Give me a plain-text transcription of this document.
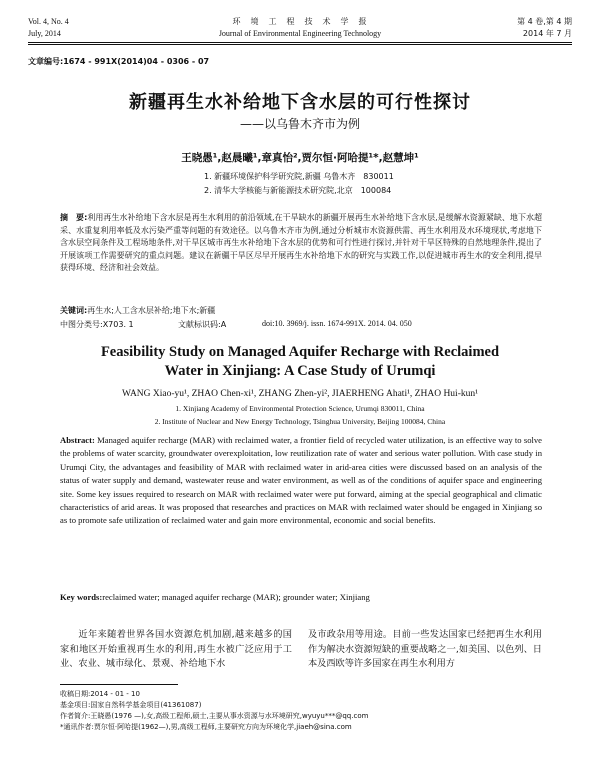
Vol. 4, No. 4
July, 2014
环　境　工　程　技　术　学　报
Journal of Environmental Engineering Technology
第 4 卷,第 4 期
2014 年 7 月
文章编号:1674 - 991X(2014)04 - 0306 - 07
新疆再生水补给地下含水层的可行性探讨
——以乌鲁木齐市为例
王晓愚¹,赵晨曦¹,章真怡²,贾尔恒·阿哈提¹*,赵慧坤¹
1. 新疆环境保护科学研究院,新疆 乌鲁木齐　830011
2. 清华大学核能与新能源技术研究院,北京　100084
摘　要:利用再生水补给地下含水层是再生水利用的前沿领域,在干旱缺水的新疆开展再生水补给地下含水层,是缓解水资源紧缺、地下水超采、水重复利用率低及水污染严重等问题的有效途径。以乌鲁木齐市为例,通过分析城市水资源供需、再生水利用及水环境现状,考虑地下含水层空间条件及工程场地条件,对干旱区城市再生水补给地下含水层的优势和可行性进行探讨,并针对干旱区特殊的自然地理条件,提出了开展该项工作需要研究的重点问题。建议在新疆干旱区尽早开展再生水补给地下水的研究与实践工作,以促进城市再生水的安全利用,提早获得环境、经济和社会效益。
关键词:再生水;人工含水层补给;地下水;新疆
中图分类号:X703. 1	文献标识码:A	doi:10. 3969/j. issn. 1674-991X. 2014. 04. 050
Feasibility Study on Managed Aquifer Recharge with Reclaimed
Water in Xinjiang: A Case Study of Urumqi
WANG Xiao-yu¹, ZHAO Chen-xi¹, ZHANG Zhen-yi², JIAERHENG Ahati¹, ZHAO Hui-kun¹
1. Xinjiang Academy of Environmental Protection Science, Urumqi 830011, China
2. Institute of Nuclear and New Energy Technology, Tsinghua University, Beijing 100084, China
Abstract: Managed aquifer recharge (MAR) with reclaimed water, a frontier field of recycled water utilization, is an effective way to solve the problems of water scarcity, groundwater overexploitation, low reutilization rate of water and serious water pollution. With case study in Urumqi City, the advantages and feasibility of MAR with reclaimed water in arid-area cities were discussed based on an analysis of the status of water supply and demand, wastewater reuse and water environment, as well as of the conditions of aquifer space and engineering site. Some key issues required to research on MAR with reclaimed water were put forward, aiming at the special geographical and climatic characteristics of arid areas. It was proposed that researches and practices on MAR with reclaimed water should be engaged in Xinjiang so as to promote safe utilization of reclaimed water and gain more environmental, economic and social benefits.
Key words:reclaimed water; managed aquifer recharge (MAR); grounder water; Xinjiang
近年来随着世界各国水资源危机加剧,越来越多的国家和地区开始重视再生水的利用,再生水被广泛应用于工业、农业、城市绿化、景观、补给地下水
及市政杂用等用途。目前一些发达国家已经把再生水利用作为解决水资源短缺的重要战略之一,如美国、以色列、日本及西欧等许多国家在再生水利用方
收稿日期:2014 - 01 - 10
基金项目:国家自然科学基金项目(41361087)
作者简介:王晓愚(1976 —),女,高级工程师,硕士,主要从事水资源与水环境研究,wyuyu***@qq.com
*通讯作者:贾尔恒·阿哈提(1962—),男,高级工程师,主要研究方向为环境化学,jiaeh@sina.com
